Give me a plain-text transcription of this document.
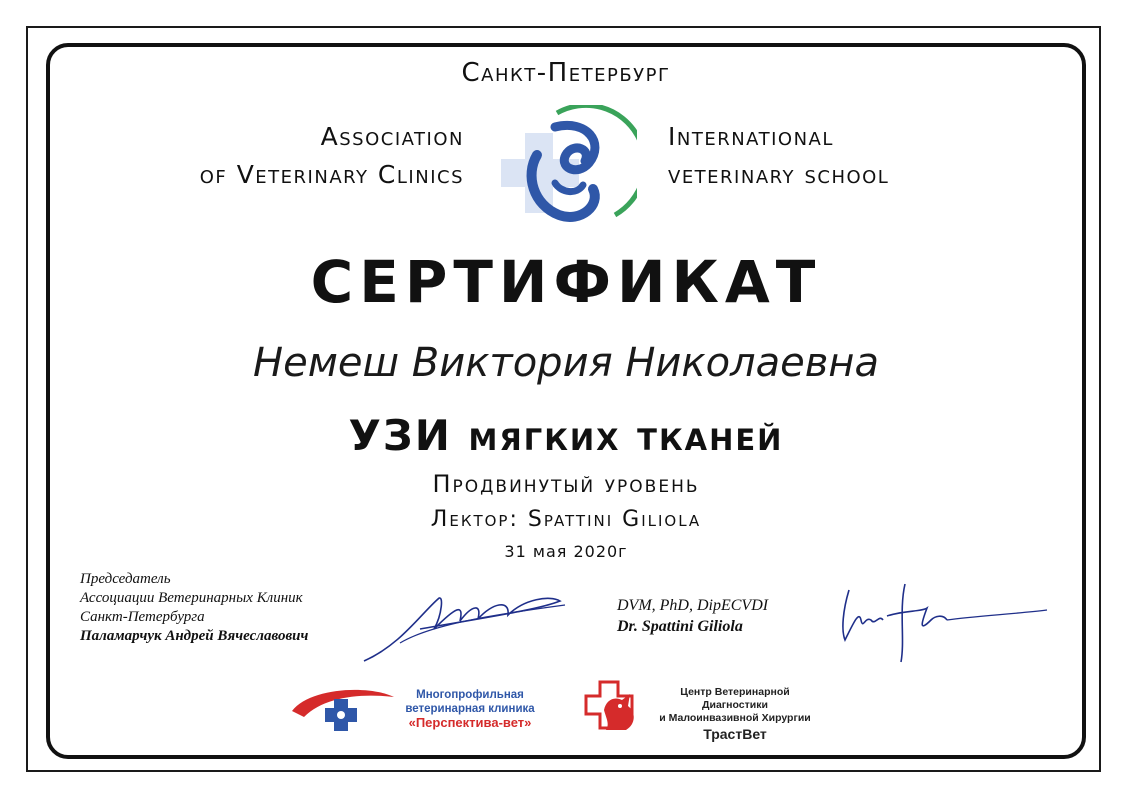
Санкт-Петербург
Association
of Veterinary Clinics
International
veterinary school
СЕРТИФИКАТ
Немеш Виктория Николаевна
УЗИ мягких тканей
Продвинутый уровень
Лектор: Spattini Giliola
31 мая 2020г
Председатель
Ассоциации Ветеринарных Клиник
Санкт-Петербурга
Паламарчук Андрей Вячеславович
DVM, PhD, DipECVDI
Dr. Spattini Giliola
Многопрофильная
ветеринарная клиника
«Перспектива-вет»
Центр Ветеринарной Диагностики
и Малоинвазивной Хирургии
ТрастВет
